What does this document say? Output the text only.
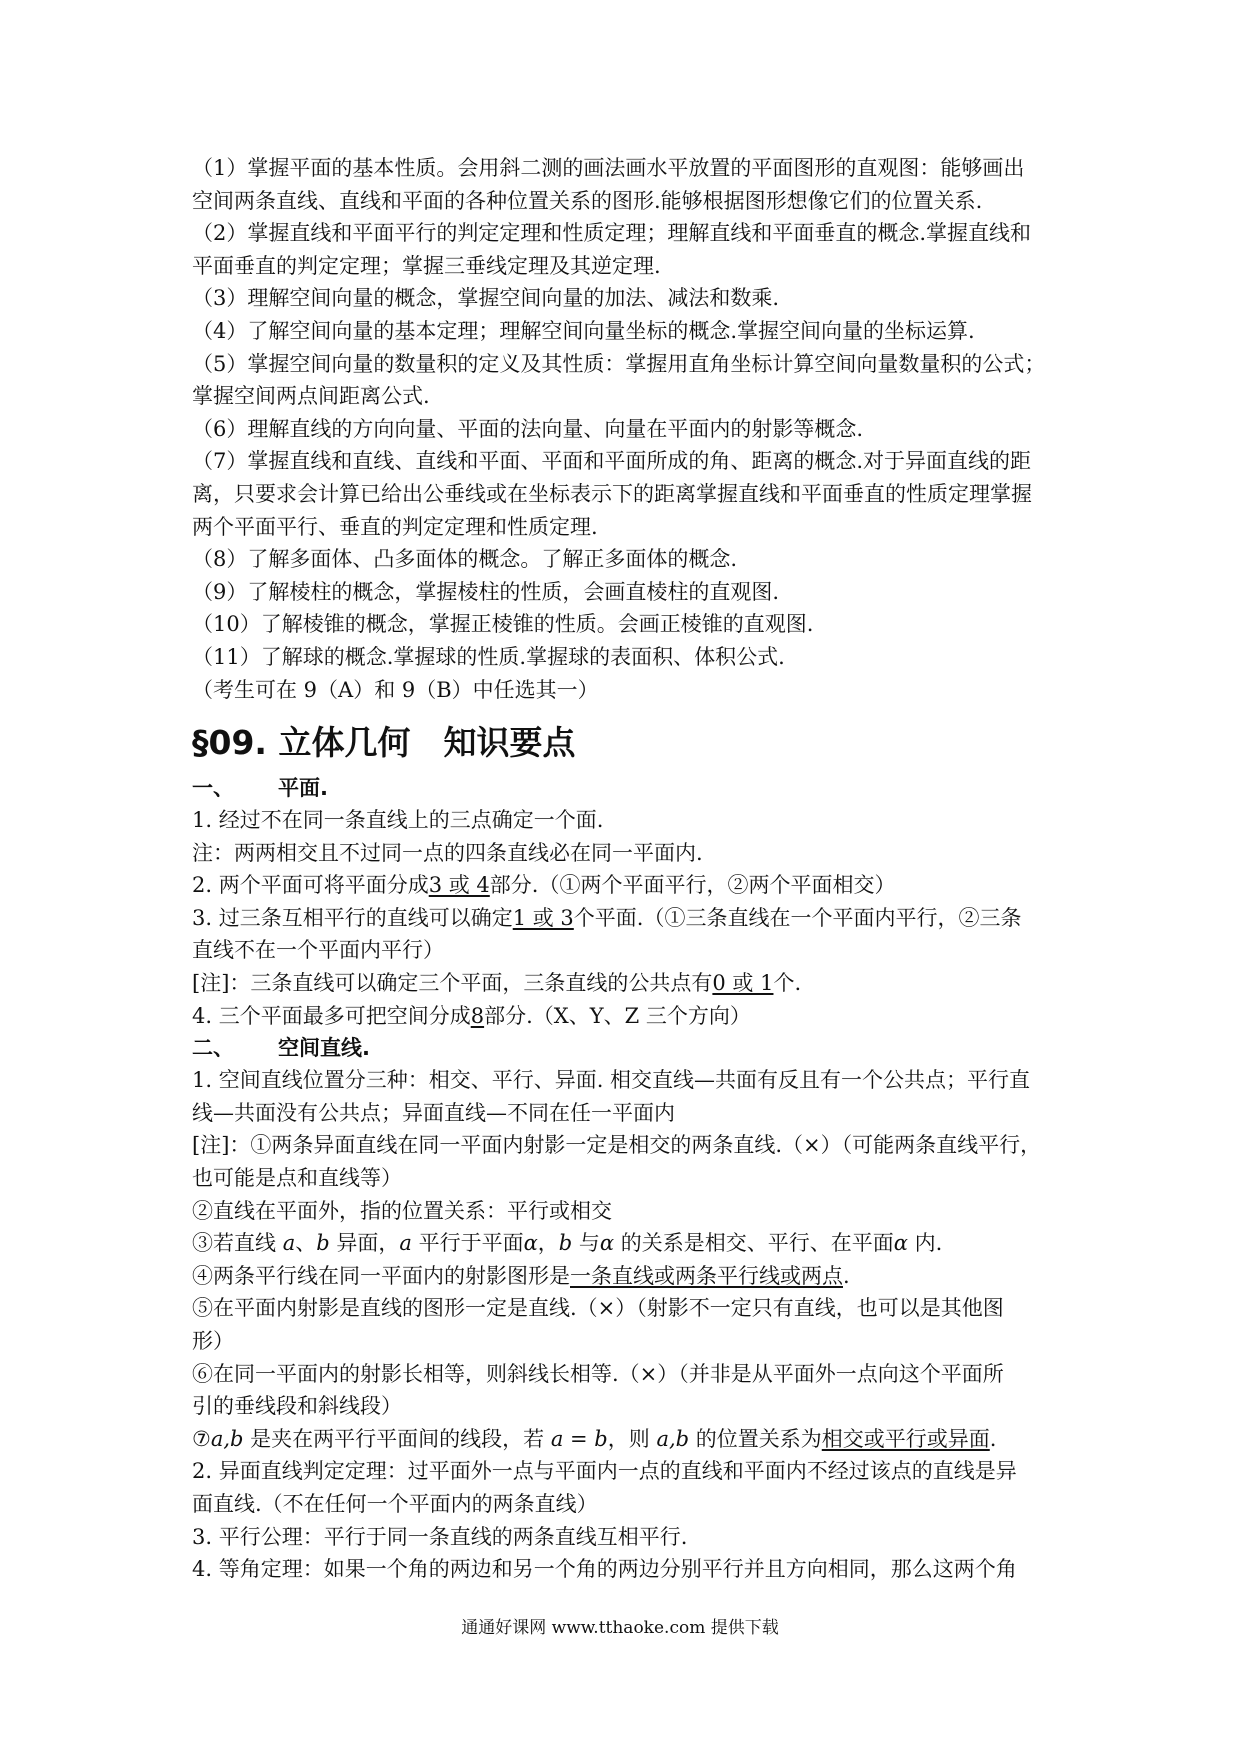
（1）掌握平面的基本性质。会用斜二测的画法画水平放置的平面图形的直观图：能够画出
空间两条直线、直线和平面的各种位置关系的图形.能够根据图形想像它们的位置关系.
（2）掌握直线和平面平行的判定定理和性质定理；理解直线和平面垂直的概念.掌握直线和
平面垂直的判定定理；掌握三垂线定理及其逆定理.
（3）理解空间向量的概念，掌握空间向量的加法、减法和数乘.
（4）了解空间向量的基本定理；理解空间向量坐标的概念.掌握空间向量的坐标运算.
（5）掌握空间向量的数量积的定义及其性质：掌握用直角坐标计算空间向量数量积的公式；
掌握空间两点间距离公式.
（6）理解直线的方向向量、平面的法向量、向量在平面内的射影等概念.
（7）掌握直线和直线、直线和平面、平面和平面所成的角、距离的概念.对于异面直线的距
离，只要求会计算已给出公垂线或在坐标表示下的距离掌握直线和平面垂直的性质定理掌握
两个平面平行、垂直的判定定理和性质定理.
（8）了解多面体、凸多面体的概念。了解正多面体的概念.
（9）了解棱柱的概念，掌握棱柱的性质，会画直棱柱的直观图.
（10）了解棱锥的概念，掌握正棱锥的性质。会画正棱锥的直观图.
（11）了解球的概念.掌握球的性质.掌握球的表面积、体积公式.
（考生可在 9（A）和 9（B）中任选其一）
§09. 立体几何　知识要点
一、 平面.
1. 经过不在同一条直线上的三点确定一个面.
注：两两相交且不过同一点的四条直线必在同一平面内.
2. 两个平面可将平面分成3 或 4部分.（①两个平面平行，②两个平面相交）
3. 过三条互相平行的直线可以确定1 或 3个平面.（①三条直线在一个平面内平行，②三条
直线不在一个平面内平行）
[注]：三条直线可以确定三个平面，三条直线的公共点有0 或 1个.
4. 三个平面最多可把空间分成8部分.（X、Y、Z 三个方向）
二、 空间直线.
1. 空间直线位置分三种：相交、平行、异面. 相交直线—共面有反且有一个公共点；平行直
线—共面没有公共点；异面直线—不同在任一平面内
[注]：①两条异面直线在同一平面内射影一定是相交的两条直线.（×）（可能两条直线平行，
也可能是点和直线等）
②直线在平面外，指的位置关系：平行或相交
③若直线 a、b 异面，a 平行于平面α，b 与α 的关系是相交、平行、在平面α 内.
④两条平行线在同一平面内的射影图形是一条直线或两条平行线或两点.
⑤在平面内射影是直线的图形一定是直线.（×）（射影不一定只有直线，也可以是其他图
形）
⑥在同一平面内的射影长相等，则斜线长相等.（×）（并非是从平面外一点向这个平面所
引的垂线段和斜线段）
⑦a,b 是夹在两平行平面间的线段，若 a = b，则 a,b 的位置关系为相交或平行或异面.
2. 异面直线判定定理：过平面外一点与平面内一点的直线和平面内不经过该点的直线是异
面直线.（不在任何一个平面内的两条直线）
3. 平行公理：平行于同一条直线的两条直线互相平行.
4. 等角定理：如果一个角的两边和另一个角的两边分别平行并且方向相同，那么这两个角
通通好课网 www.tthaoke.com 提供下载
